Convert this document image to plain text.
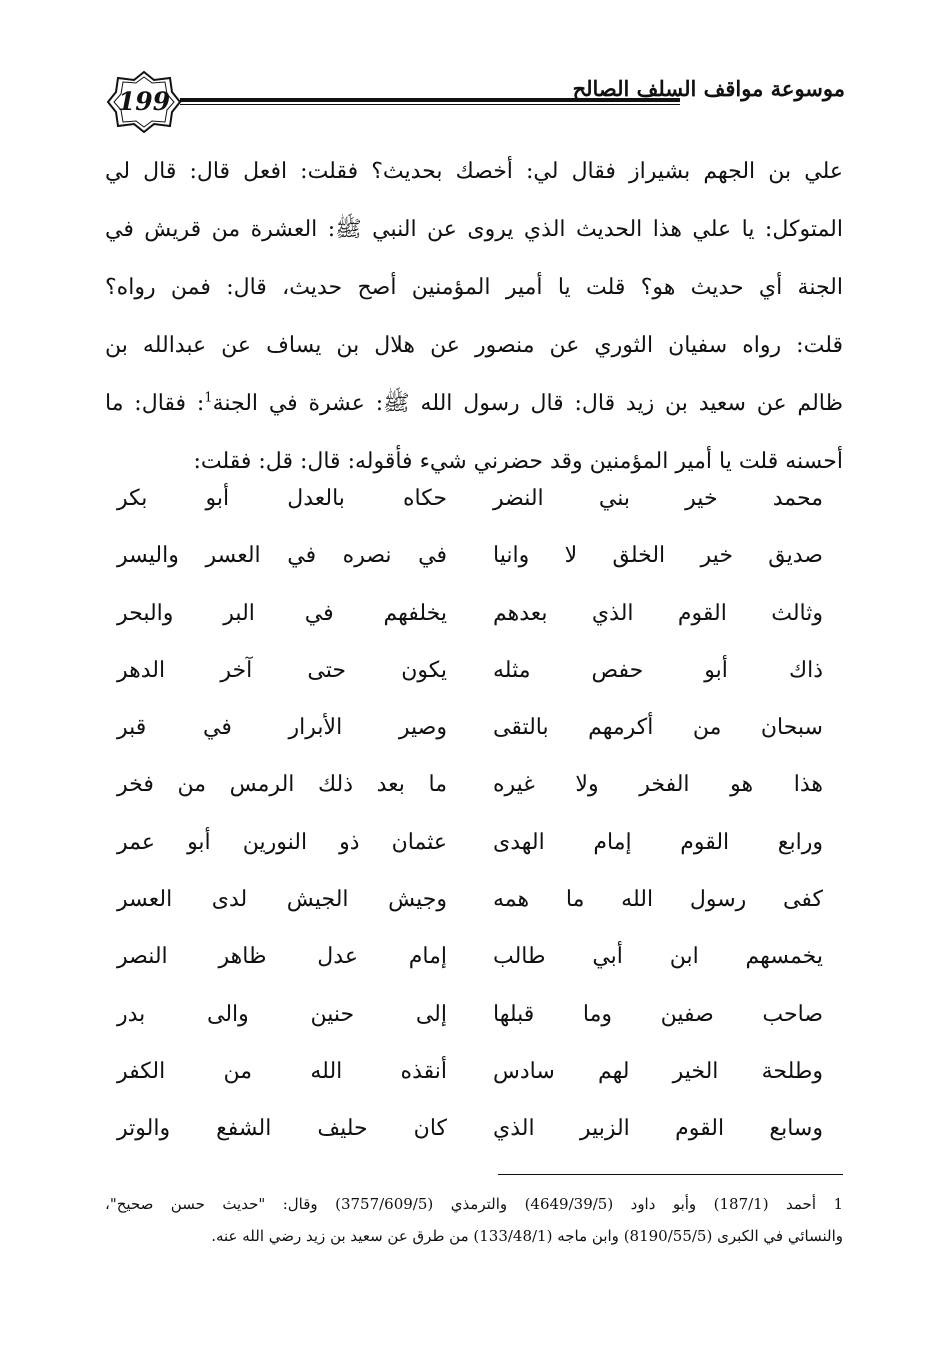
199	موسوعة مواقف السلف الصالح
علي بن الجهم بشيراز فقال لي: أخصك بحديث؟ فقلت: افعل قال: قال لي
المتوكل: يا علي هذا الحديث الذي يروى عن النبي ﷺ: العشرة من قريش في
الجنة أي حديث هو؟ قلت يا أمير المؤمنين أصح حديث، قال: فمن رواه؟
قلت: رواه سفيان الثوري عن منصور عن هلال بن يساف عن عبدالله بن
ظالم عن سعيد بن زيد قال: قال رسول الله ﷺ: عشرة في الجنة$^1$: فقال: ما
أحسنه قلت يا أمير المؤمنين وقد حضرني شيء فأقوله: قال: قل: فقلت:
محمد خير بني النضر
حكاه بالعدل أبو بكر
صديق خير الخلق لا وانيا
في نصره في العسر واليسر
وثالث القوم الذي بعدهم
يخلفهم في البر والبحر
ذاك أبو حفص مثله
يكون حتى آخر الدهر
سبحان من أكرمهم بالتقى
وصير الأبرار في قبر
هذا هو الفخر ولا غيره
ما بعد ذلك الرمس من فخر
ورابع القوم إمام الهدى
عثمان ذو النورين أبو عمر
كفى رسول الله ما همه
وجيش الجيش لدى العسر
يخمسهم ابن أبي طالب
إمام عدل ظاهر النصر
صاحب صفين وما قبلها
إلى حنين والى بدر
وطلحة الخير لهم سادس
أنقذه الله من الكفر
وسابع القوم الزبير الذي
كان حليف الشفع والوتر
1 أحمد (187/1) وأبو داود (4649/39/5) والترمذي (3757/609/5) وقال: "حديث حسن صحيح"،
والنسائي في الكبرى (8190/55/5) وابن ماجه (133/48/1) من طرق عن سعيد بن زيد رضي الله عنه.
